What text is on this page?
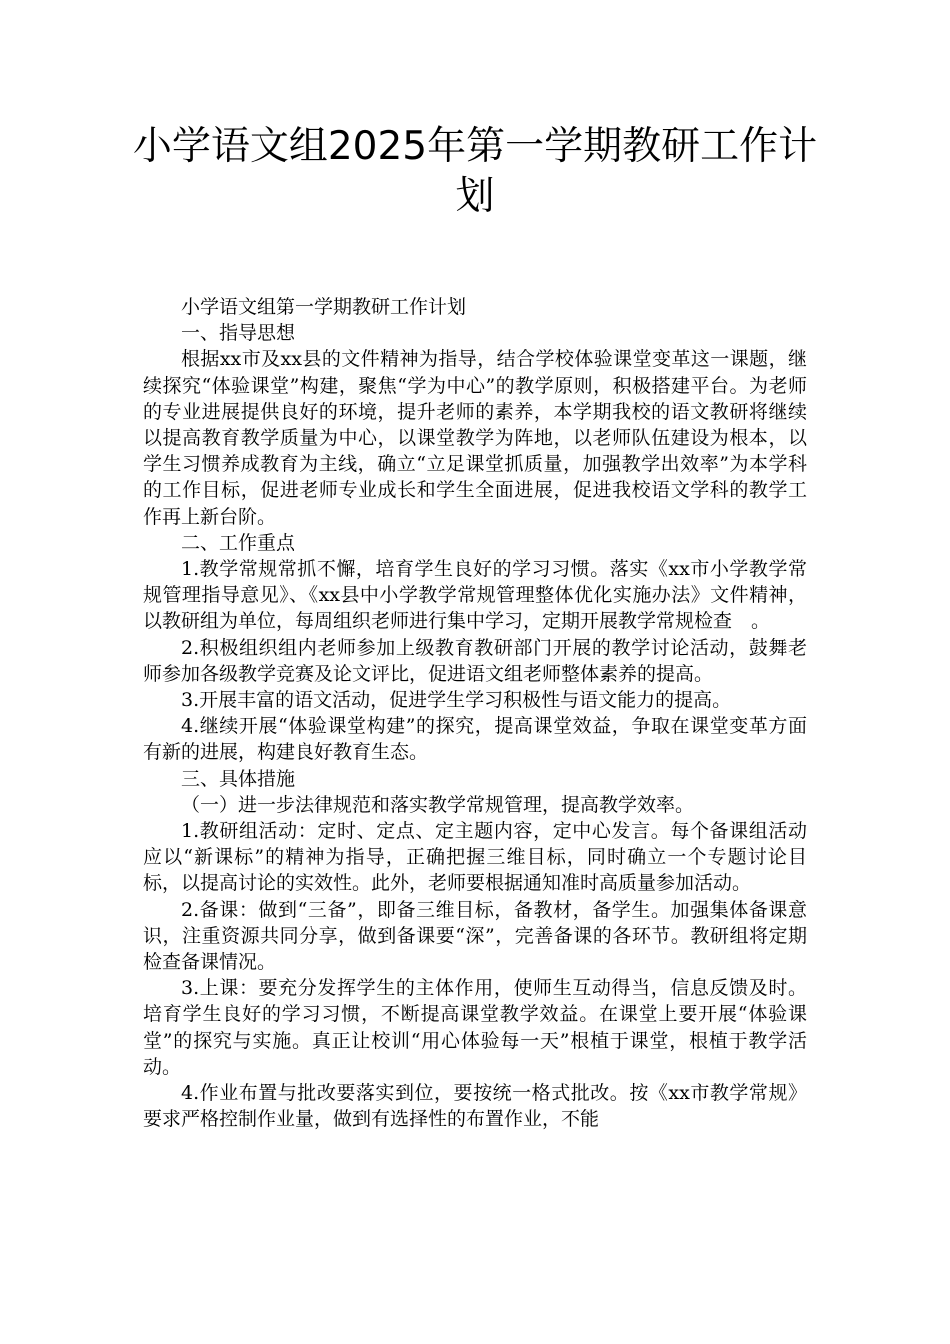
小学语文组2025年第一学期教研工作计划

小学语文组第一学期教研工作计划

一、指导思想

根据xx市及xx县的文件精神为指导，结合学校体验课堂变革这一课题，继续探究“体验课堂”构建，聚焦“学为中心”的教学原则，积极搭建平台。为老师的专业进展提供良好的环境，提升老师的素养，本学期我校的语文教研将继续以提高教育教学质量为中心，以课堂教学为阵地，以老师队伍建设为根本，以学生习惯养成教育为主线，确立“立足课堂抓质量，加强教学出效率”为本学科的工作目标，促进老师专业成长和学生全面进展，促进我校语文学科的教学工作再上新台阶。

二、工作重点

1.教学常规常抓不懈，培育学生良好的学习习惯。落实《xx市小学教学常规管理指导意见》、《xx县中小学教学常规管理整体优化实施办法》文件精神，以教研组为单位，每周组织老师进行集中学习，定期开展教学常规检查　。

2.积极组织组内老师参加上级教育教研部门开展的教学讨论活动，鼓舞老师参加各级教学竞赛及论文评比，促进语文组老师整体素养的提高。

3.开展丰富的语文活动，促进学生学习积极性与语文能力的提高。

4.继续开展“体验课堂构建”的探究，提高课堂效益，争取在课堂变革方面有新的进展，构建良好教育生态。

三、具体措施

（一）进一步法律规范和落实教学常规管理，提高教学效率。

1.教研组活动：定时、定点、定主题内容，定中心发言。每个备课组活动应以“新课标”的精神为指导，正确把握三维目标，同时确立一个专题讨论目标，以提高讨论的实效性。此外，老师要根据通知准时高质量参加活动。

2.备课：做到“三备”，即备三维目标，备教材，备学生。加强集体备课意识，注重资源共同分享，做到备课要“深”，完善备课的各环节。教研组将定期检查备课情况。

3.上课：要充分发挥学生的主体作用，使师生互动得当，信息反馈及时。培育学生良好的学习习惯，不断提高课堂教学效益。在课堂上要开展“体验课堂”的探究与实施。真正让校训“用心体验每一天”根植于课堂，根植于教学活动。

4.作业布置与批改要落实到位，要按统一格式批改。按《xx市教学常规》要求严格控制作业量，做到有选择性的布置作业，不能
